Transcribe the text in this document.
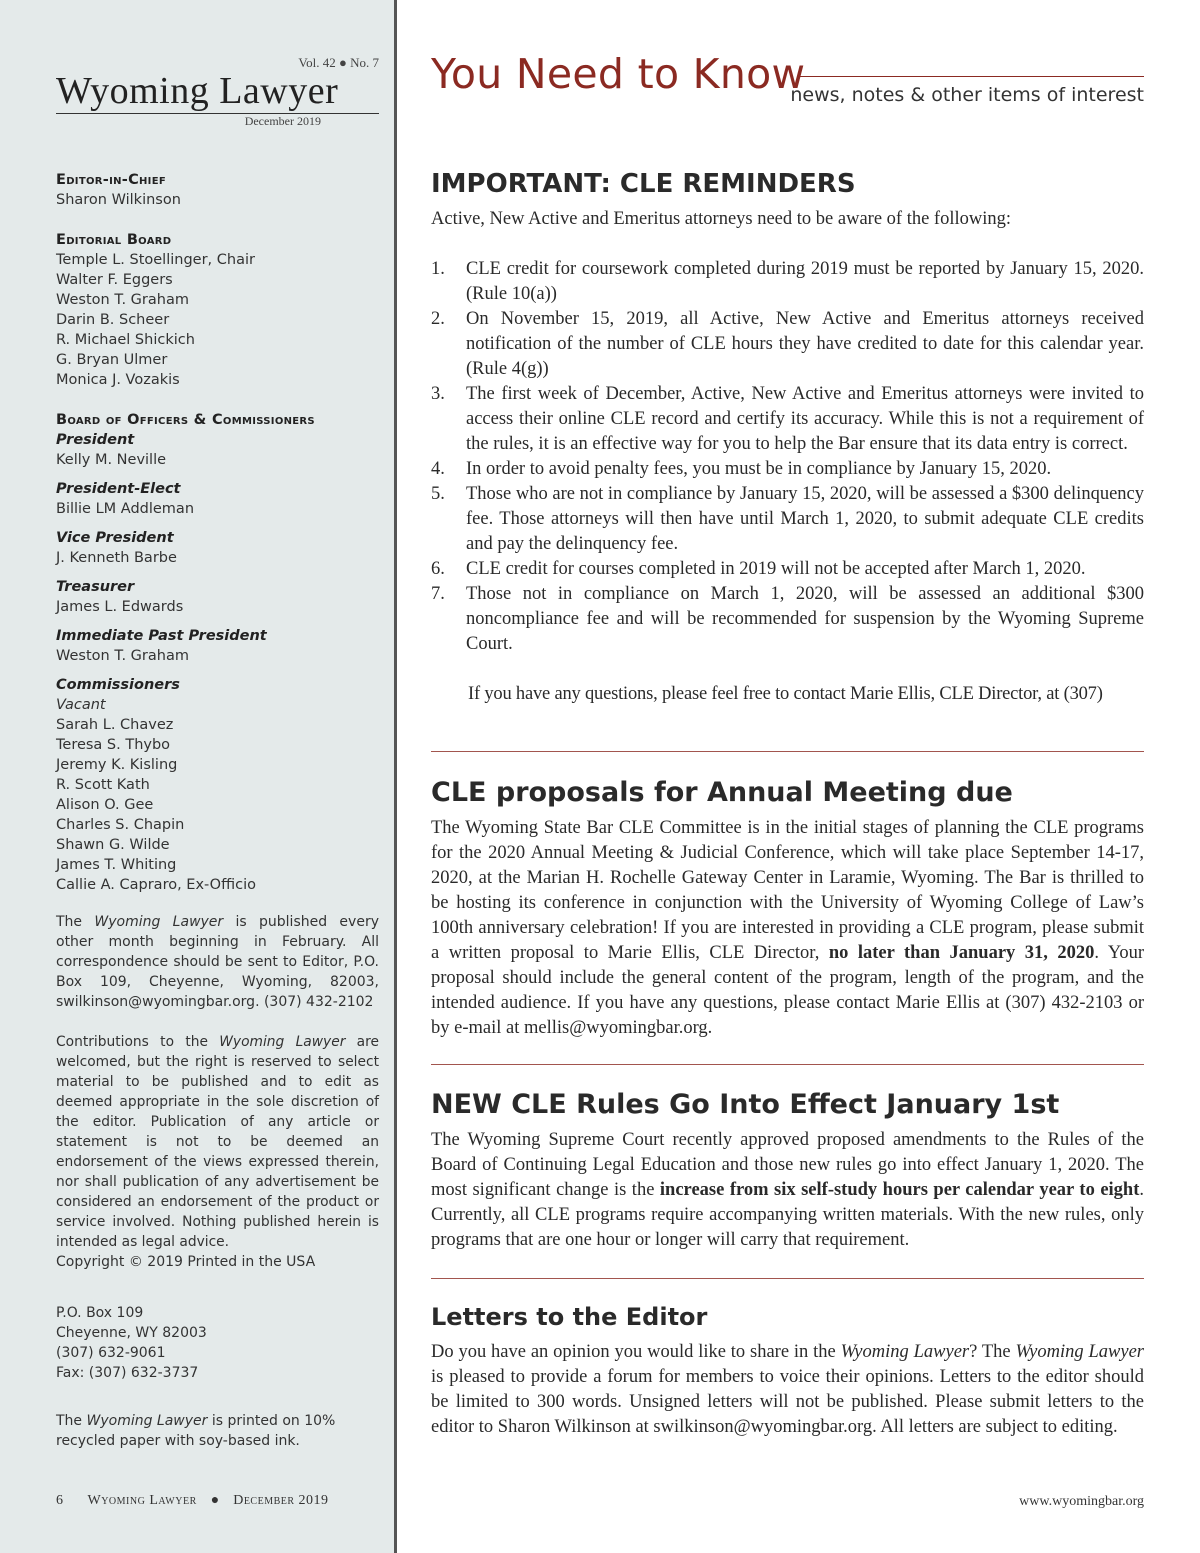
Vol. 42 ● No. 7
Wyoming Lawyer
December 2019
Editor-in-Chief
Sharon Wilkinson
Editorial Board
Temple L. Stoellinger, Chair
Walter F. Eggers
Weston T. Graham
Darin B. Scheer
R. Michael Shickich
G. Bryan Ulmer
Monica J. Vozakis
Board of Officers & Commissioners
President
Kelly M. Neville
President-Elect
Billie LM Addleman
Vice President
J. Kenneth Barbe
Treasurer
James L. Edwards
Immediate Past President
Weston T. Graham
Commissioners
Vacant
Sarah L. Chavez
Teresa S. Thybo
Jeremy K. Kisling
R. Scott Kath
Alison O. Gee
Charles S. Chapin
Shawn G. Wilde
James T. Whiting
Callie A. Capraro, Ex-Officio
The Wyoming Lawyer is published every other month beginning in February. All correspondence should be sent to Editor, P.O. Box 109, Cheyenne, Wyoming, 82003, swilkinson@wyomingbar.org. (307) 432-2102
Contributions to the Wyoming Lawyer are welcomed, but the right is reserved to select material to be published and to edit as deemed appropriate in the sole discretion of the editor. Publication of any article or statement is not to be deemed an endorsement of the views expressed therein, nor shall publication of any advertisement be considered an endorsement of the product or service involved. Nothing published herein is intended as legal advice.
Copyright © 2019 Printed in the USA
P.O. Box 109
Cheyenne, WY 82003
(307) 632-9061
Fax: (307) 632-3737
The Wyoming Lawyer is printed on 10% recycled paper with soy-based ink.
You Need to Know
news, notes & other items of interest
IMPORTANT: CLE REMINDERS

Active, New Active and Emeritus attorneys need to be aware of the following:

1. CLE credit for coursework completed during 2019 must be reported by January 15, 2020. (Rule 10(a))
2. On November 15, 2019, all Active, New Active and Emeritus attorneys received notification of the number of CLE hours they have credited to date for this calendar year. (Rule 4(g))
3. The first week of December, Active, New Active and Emeritus attorneys were invited to access their online CLE record and certify its accuracy. While this is not a requirement of the rules, it is an effective way for you to help the Bar ensure that its data entry is correct.
4. In order to avoid penalty fees, you must be in compliance by January 15, 2020.
5. Those who are not in compliance by January 15, 2020, will be assessed a $300 delinquency fee. Those attorneys will then have until March 1, 2020, to submit adequate CLE credits and pay the delinquency fee.
6. CLE credit for courses completed in 2019 will not be accepted after March 1, 2020.
7. Those not in compliance on March 1, 2020, will be assessed an additional $300 noncompliance fee and will be recommended for suspension by the Wyoming Supreme Court.

If you have any questions, please feel free to contact Marie Ellis, CLE Director, at (307)

CLE proposals for Annual Meeting due

The Wyoming State Bar CLE Committee is in the initial stages of planning the CLE programs for the 2020 Annual Meeting & Judicial Conference, which will take place September 14-17, 2020, at the Marian H. Rochelle Gateway Center in Laramie, Wyoming. The Bar is thrilled to be hosting its conference in conjunction with the University of Wyoming College of Law’s 100th anniversary celebration! If you are interested in providing a CLE program, please submit a written proposal to Marie Ellis, CLE Director, no later than January 31, 2020. Your proposal should include the general content of the program, length of the program, and the intended audience. If you have any questions, please contact Marie Ellis at (307) 432-2103 or by e-mail at mellis@wyomingbar.org.

NEW CLE Rules Go Into Effect January 1st

The Wyoming Supreme Court recently approved proposed amendments to the Rules of the Board of Continuing Legal Education and those new rules go into effect January 1, 2020. The most significant change is the increase from six self-study hours per calendar year to eight. Currently, all CLE programs require accompanying written materials. With the new rules, only programs that are one hour or longer will carry that requirement.

Letters to the Editor

Do you have an opinion you would like to share in the Wyoming Lawyer? The Wyoming Lawyer is pleased to provide a forum for members to voice their opinions. Letters to the editor should be limited to 300 words. Unsigned letters will not be published. Please submit letters to the editor to Sharon Wilkinson at swilkinson@wyomingbar.org. All letters are subject to editing.

6 Wyoming Lawyer ● December 2019	www.wyomingbar.org
